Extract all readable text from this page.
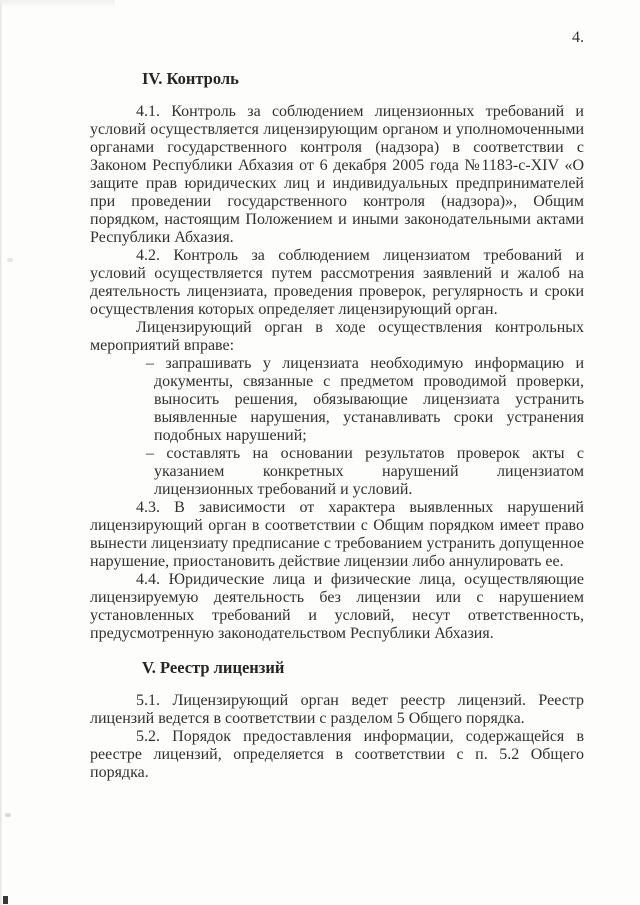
4.
IV. Контроль

4.1. Контроль за соблюдением лицензионных требований и условий осуществляется лицензирующим органом и уполномоченными органами государственного контроля (надзора) в соответствии с Законом Республики Абхазия от 6 декабря 2005 года №1183-с-XIV «О защите прав юридических лиц и индивидуальных предпринимателей при проведении государственного контроля (надзора)», Общим порядком, настоящим Положением и иными законодательными актами Республики Абхазия.

4.2. Контроль за соблюдением лицензиатом требований и условий осуществляется путем рассмотрения заявлений и жалоб на деятельность лицензиата, проведения проверок, регулярность и сроки осуществления которых определяет лицензирующий орган.

Лицензирующий орган в ходе осуществления контрольных мероприятий вправе:

– запрашивать у лицензиата необходимую информацию и документы, связанные с предметом проводимой проверки, выносить решения, обязывающие лицензиата устранить выявленные нарушения, устанавливать сроки устранения подобных нарушений;

– составлять на основании результатов проверок акты с указанием конкретных нарушений лицензиатом лицензионных требований и условий.

4.3. В зависимости от характера выявленных нарушений лицензирующий орган в соответствии с Общим порядком имеет право вынести лицензиату предписание с требованием устранить допущенное нарушение, приостановить действие лицензии либо аннулировать ее.

4.4. Юридические лица и физические лица, осуществляющие лицензируемую деятельность без лицензии или с нарушением установленных требований и условий, несут ответственность, предусмотренную законодательством Республики Абхазия.

V. Реестр лицензий

5.1. Лицензирующий орган ведет реестр лицензий. Реестр лицензий ведется в соответствии с разделом 5 Общего порядка.

5.2. Порядок предоставления информации, содержащейся в реестре лицензий, определяется в соответствии с п. 5.2 Общего порядка.
